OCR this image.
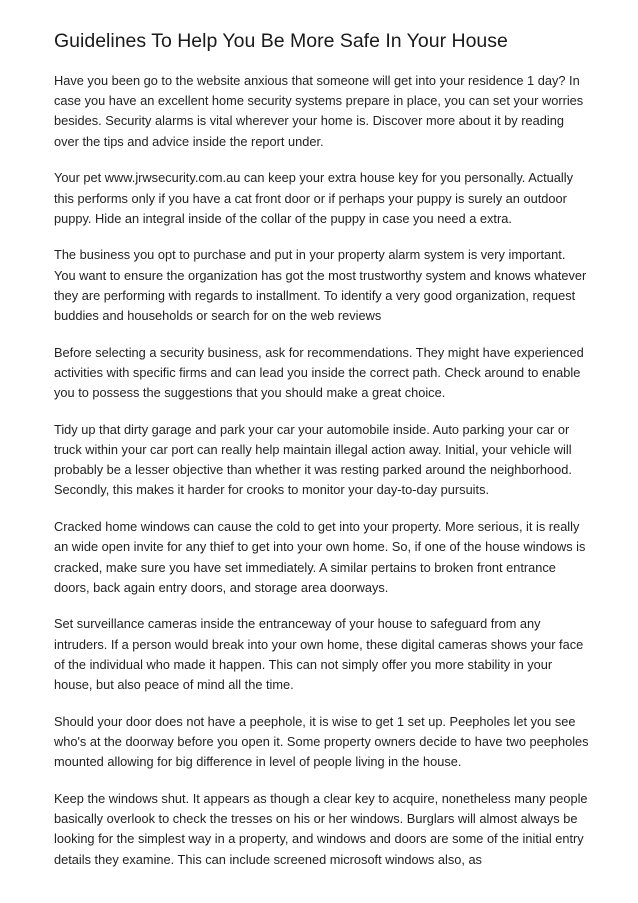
Guidelines To Help You Be More Safe In Your House

Have you been go to the website anxious that someone will get into your residence 1 day? In case you have an excellent home security systems prepare in place, you can set your worries besides. Security alarms is vital wherever your home is. Discover more about it by reading over the tips and advice inside the report under.

Your pet www.jrwsecurity.com.au can keep your extra house key for you personally. Actually this performs only if you have a cat front door or if perhaps your puppy is surely an outdoor puppy. Hide an integral inside of the collar of the puppy in case you need a extra.

The business you opt to purchase and put in your property alarm system is very important. You want to ensure the organization has got the most trustworthy system and knows whatever they are performing with regards to installment. To identify a very good organization, request buddies and households or search for on the web reviews

Before selecting a security business, ask for recommendations. They might have experienced activities with specific firms and can lead you inside the correct path. Check around to enable you to possess the suggestions that you should make a great choice.

Tidy up that dirty garage and park your car your automobile inside. Auto parking your car or truck within your car port can really help maintain illegal action away. Initial, your vehicle will probably be a lesser objective than whether it was resting parked around the neighborhood. Secondly, this makes it harder for crooks to monitor your day-to-day pursuits.

Cracked home windows can cause the cold to get into your property. More serious, it is really an wide open invite for any thief to get into your own home. So, if one of the house windows is cracked, make sure you have set immediately. A similar pertains to broken front entrance doors, back again entry doors, and storage area doorways.

Set surveillance cameras inside the entranceway of your house to safeguard from any intruders. If a person would break into your own home, these digital cameras shows your face of the individual who made it happen. This can not simply offer you more stability in your house, but also peace of mind all the time.

Should your door does not have a peephole, it is wise to get 1 set up. Peepholes let you see who's at the doorway before you open it. Some property owners decide to have two peepholes mounted allowing for big difference in level of people living in the house.

Keep the windows shut. It appears as though a clear key to acquire, nonetheless many people basically overlook to check the tresses on his or her windows. Burglars will almost always be looking for the simplest way in a property, and windows and doors are some of the initial entry details they examine. This can include screened microsoft windows also, as
